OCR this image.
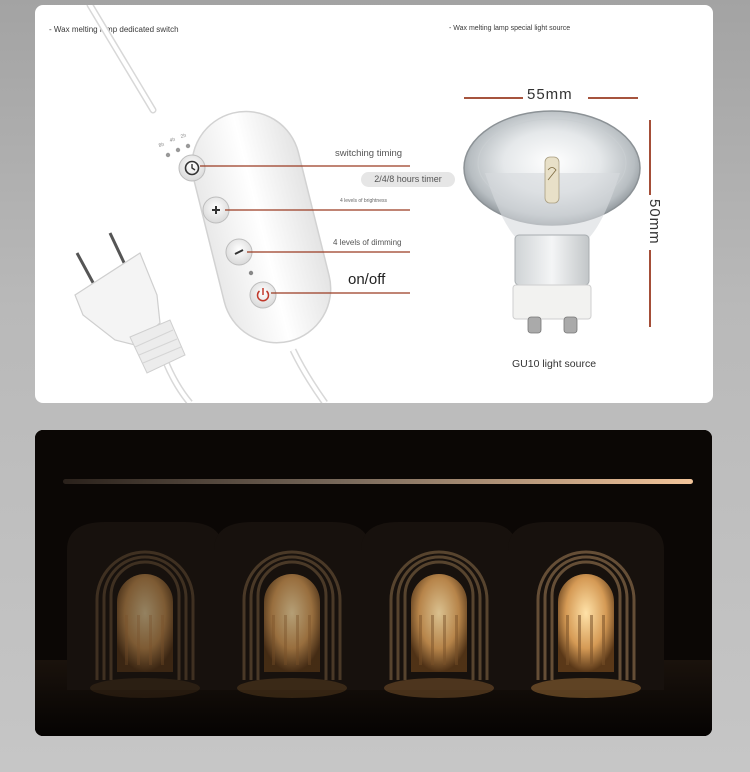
- Wax melting lamp dedicated switch	- Wax melting lamp special light source
8h
4h
2h
switching timing
2/4/8 hours timer
4 levels of brightness
4 levels of dimming
on/off
55mm
50mm
GU10 light source
